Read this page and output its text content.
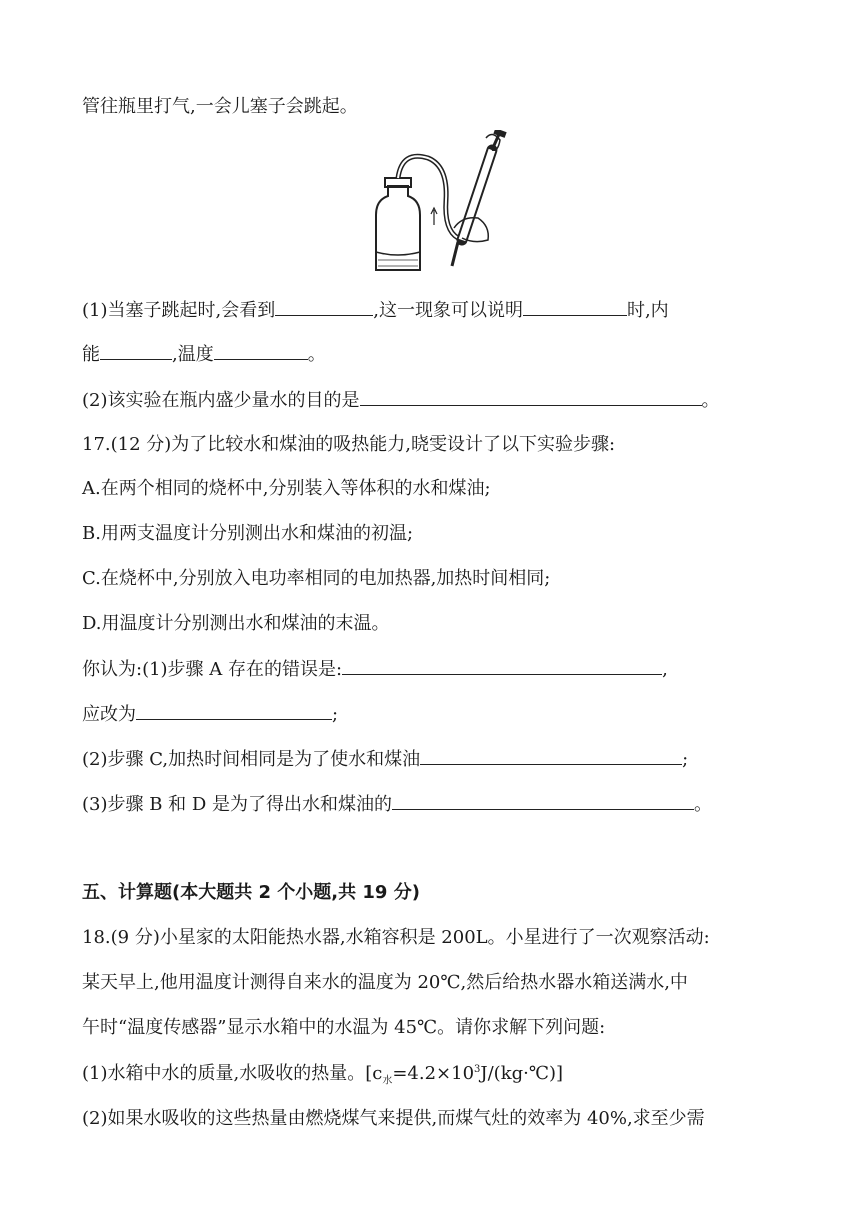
管往瓶里打气,一会儿塞子会跳起。
(1)当塞子跳起时,会看到	,这一现象可以说明	时,内
能	,温度	。
(2)该实验在瓶内盛少量水的目的是	。
17.(12 分)为了比较水和煤油的吸热能力,晓雯设计了以下实验步骤:
A.在两个相同的烧杯中,分别装入等体积的水和煤油;
B.用两支温度计分别测出水和煤油的初温;
C.在烧杯中,分别放入电功率相同的电加热器,加热时间相同;
D.用温度计分别测出水和煤油的末温。
你认为:(1)步骤 A 存在的错误是:	,
应改为	;
(2)步骤 C,加热时间相同是为了使水和煤油	;
(3)步骤 B 和 D 是为了得出水和煤油的	。
五、计算题(本大题共 2 个小题,共 19 分)
18.(9 分)小星家的太阳能热水器,水箱容积是 200L。小星进行了一次观察活动:
某天早上,他用温度计测得自来水的温度为 20℃,然后给热水器水箱送满水,中
午时“温度传感器”显示水箱中的水温为 45℃。请你求解下列问题:
(1)水箱中水的质量,水吸收的热量。$[c_水=4.2\times 10^3J/(kg\cdot℃)]$
(2)如果水吸收的这些热量由燃烧煤气来提供,而煤气灶的效率为 40%,求至少需
